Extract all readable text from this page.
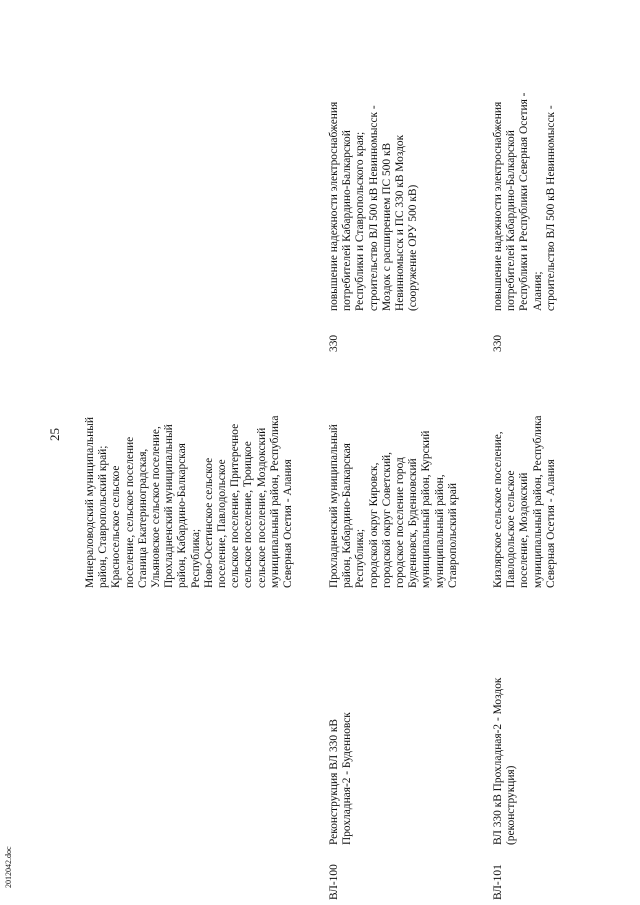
25
Минераловодский муниципальный
район, Ставропольский край;
Красносельское сельское
поселение, сельское поселение
Станица Екатериноградская,
Ульяновское сельское поселение,
Прохладненский муниципальный
район, Кабардино-Балкарская
Республика;
Ново-Осетинское сельское
поселение, Павлодольское
сельское поселение, Притеречное
сельское поселение, Троицкое
сельское поселение, Моздокский
муниципальный район, Республика
Северная Осетия - Алания
ВЛ-100
Реконструкция ВЛ 330 кВ
Прохладная-2 - Буденновск
Прохладненский муниципальный
район, Кабардино-Балкарская
Республика;
городской округ Кировск,
городской округ Советский,
городское поселение город
Буденновск, Буденновский
муниципальный район, Курский
муниципальный район,
Ставропольский край
330
повышение надежности электроснабжения
потребителей Кабардино-Балкарской
Республики и Ставропольского края;
строительство ВЛ 500 кВ Невинномысск -
Моздок с расширением ПС 500 кВ
Невинномысск и ПС 330 кВ Моздок
(сооружение ОРУ 500 кВ)
ВЛ-101
ВЛ 330 кВ Прохладная-2 - Моздок
(реконструкция)
Кизлярское сельское поселение,
Павлодольское сельское
поселение, Моздокский
муниципальный район, Республика
Северная Осетия - Алания
330
повышение надежности электроснабжения
потребителей Кабардино-Балкарской
Республики и Республики Северная Осетия -
Алания;
строительство ВЛ 500 кВ Невинномысск -
2012042.doc
